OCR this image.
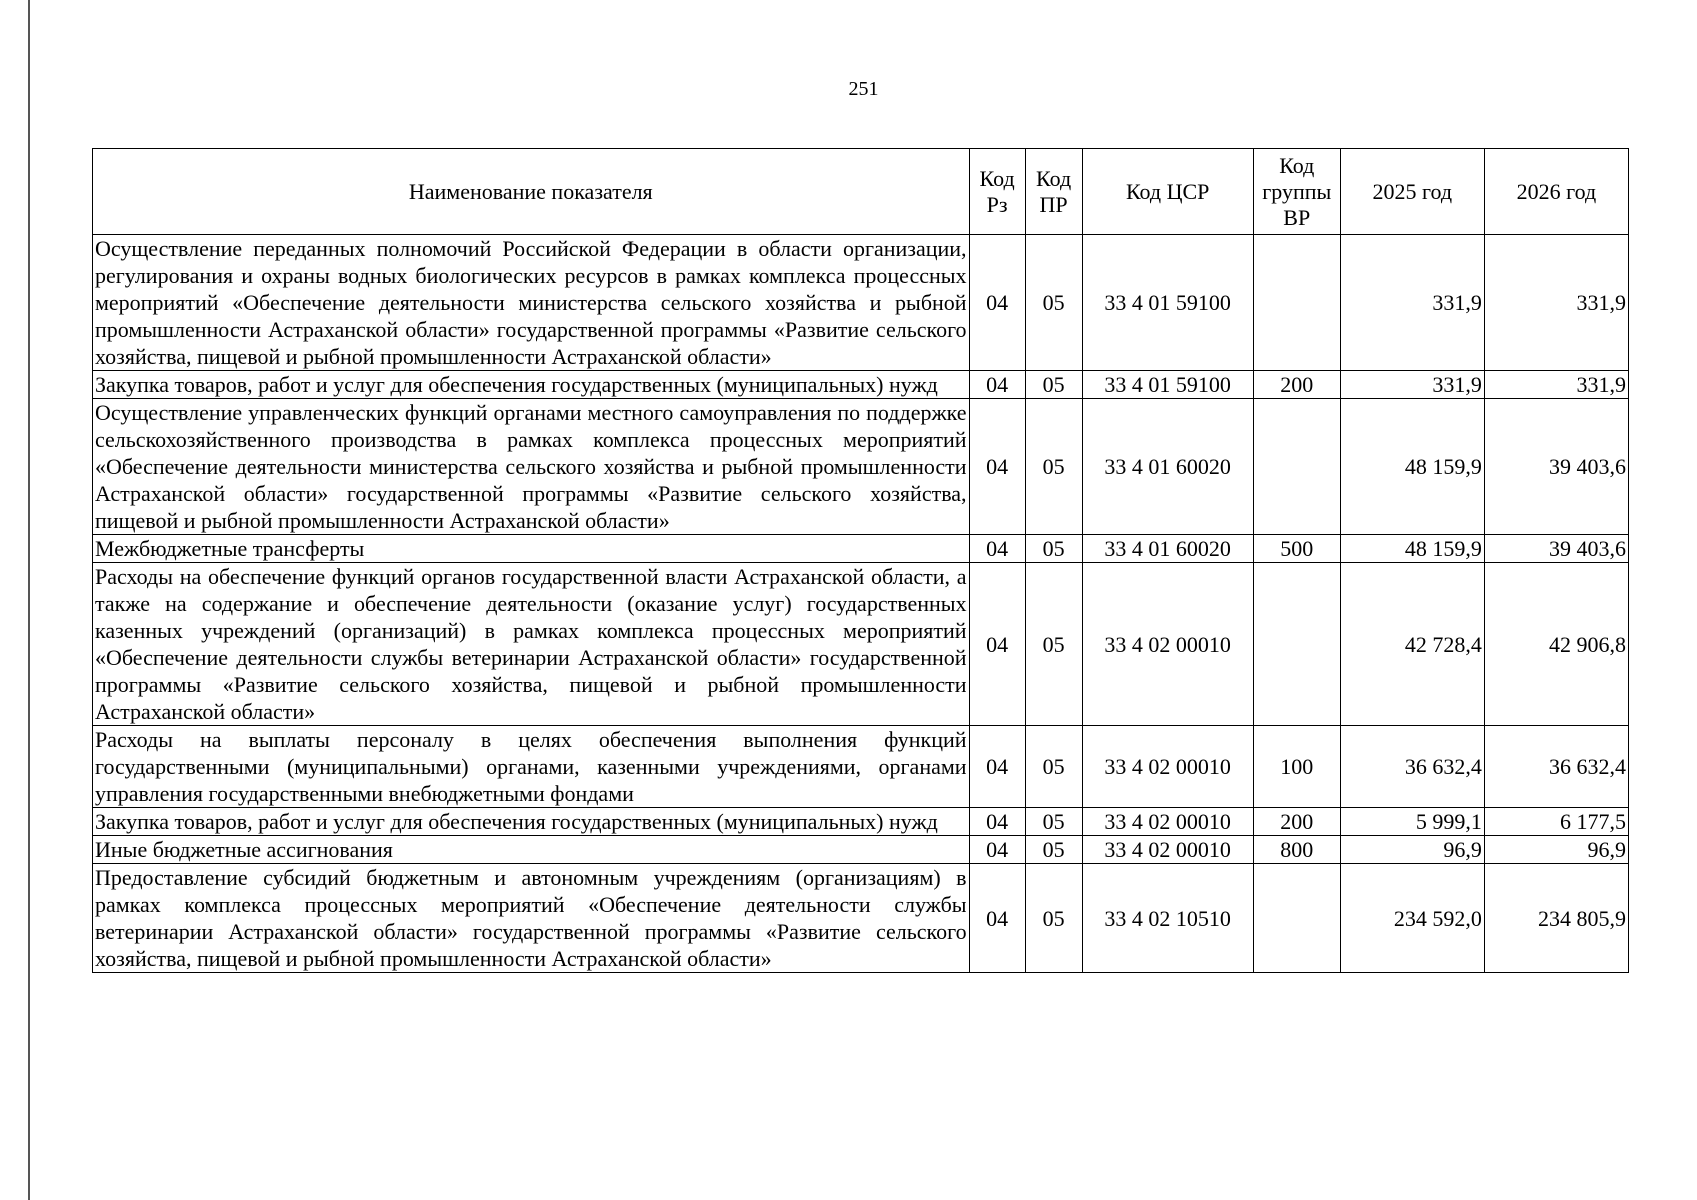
251
Наименование показателя	Код Рз	Код ПР	Код ЦСР	Код группы ВР	2025 год	2026 год
Осуществление переданных полномочий Российской Федерации в области организации, регулирования и охраны водных биологических ресурсов в рамках комплекса процессных мероприятий «Обеспечение деятельности министерства сельского хозяйства и рыбной промышленности Астраханской области» государственной программы «Развитие сельского хозяйства, пищевой и рыбной промышленности Астраханской области»	04	05	33 4 01 59100		331,9	331,9
Закупка товаров, работ и услуг для обеспечения государственных (муниципальных) нужд	04	05	33 4 01 59100	200	331,9	331,9
Осуществление управленческих функций органами местного самоуправления по поддержке сельскохозяйственного производства в рамках комплекса процессных мероприятий «Обеспечение деятельности министерства сельского хозяйства и рыбной промышленности Астраханской области» государственной программы «Развитие сельского хозяйства, пищевой и рыбной промышленности Астраханской области»	04	05	33 4 01 60020		48 159,9	39 403,6
Межбюджетные трансферты	04	05	33 4 01 60020	500	48 159,9	39 403,6
Расходы на обеспечение функций органов государственной власти Астраханской области, а также на содержание и обеспечение деятельности (оказание услуг) государственных казенных учреждений (организаций) в рамках комплекса процессных мероприятий «Обеспечение деятельности службы ветеринарии Астраханской области» государственной программы «Развитие сельского хозяйства, пищевой и рыбной промышленности Астраханской области»	04	05	33 4 02 00010		42 728,4	42 906,8
Расходы на выплаты персоналу в целях обеспечения выполнения функций государственными (муниципальными) органами, казенными учреждениями, органами управления государственными внебюджетными фондами	04	05	33 4 02 00010	100	36 632,4	36 632,4
Закупка товаров, работ и услуг для обеспечения государственных (муниципальных) нужд	04	05	33 4 02 00010	200	5 999,1	6 177,5
Иные бюджетные ассигнования	04	05	33 4 02 00010	800	96,9	96,9
Предоставление субсидий бюджетным и автономным учреждениям (организациям) в рамках комплекса процессных мероприятий «Обеспечение деятельности службы ветеринарии Астраханской области» государственной программы «Развитие сельского хозяйства, пищевой и рыбной промышленности Астраханской области»	04	05	33 4 02 10510		234 592,0	234 805,9
